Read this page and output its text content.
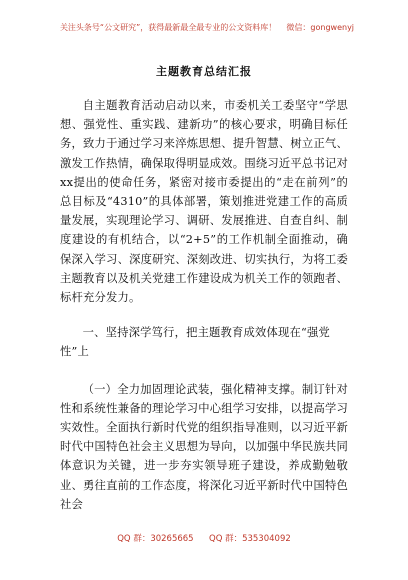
关注头条号“公文研究”，获得最新最全最专业的公文资料库！ 微信：gongwenyj
主题教育总结汇报

自主题教育活动启动以来，市委机关工委坚守“学思想、强党性、重实践、建新功”的核心要求，明确目标任务，致力于通过学习来淬炼思想、提升智慧、树立正气、激发工作热情，确保取得明显成效。围绕习近平总书记对xx提出的使命任务，紧密对接市委提出的“走在前列”的总目标及“4310”的具体部署，策划推进党建工作的高质量发展，实现理论学习、调研、发展推进、自查自纠、制度建设的有机结合，以“2+5”的工作机制全面推动，确保深入学习、深度研究、深刻改进、切实执行，为将工委主题教育以及机关党建工作建设成为机关工作的领跑者、标杆充分发力。

一、坚持深学笃行，把主题教育成效体现在“强党性”上

（一）全力加固理论武装，强化精神支撑。制订针对性和系统性兼备的理论学习中心组学习安排，以提高学习实效性。全面执行新时代党的组织指导准则，以习近平新时代中国特色社会主义思想为导向，以加强中华民族共同体意识为关键，进一步夯实领导班子建设，养成勤勉敬业、勇往直前的工作态度，将深化习近平新时代中国特色社会

QQ 群：30265665 QQ 群：535304092
